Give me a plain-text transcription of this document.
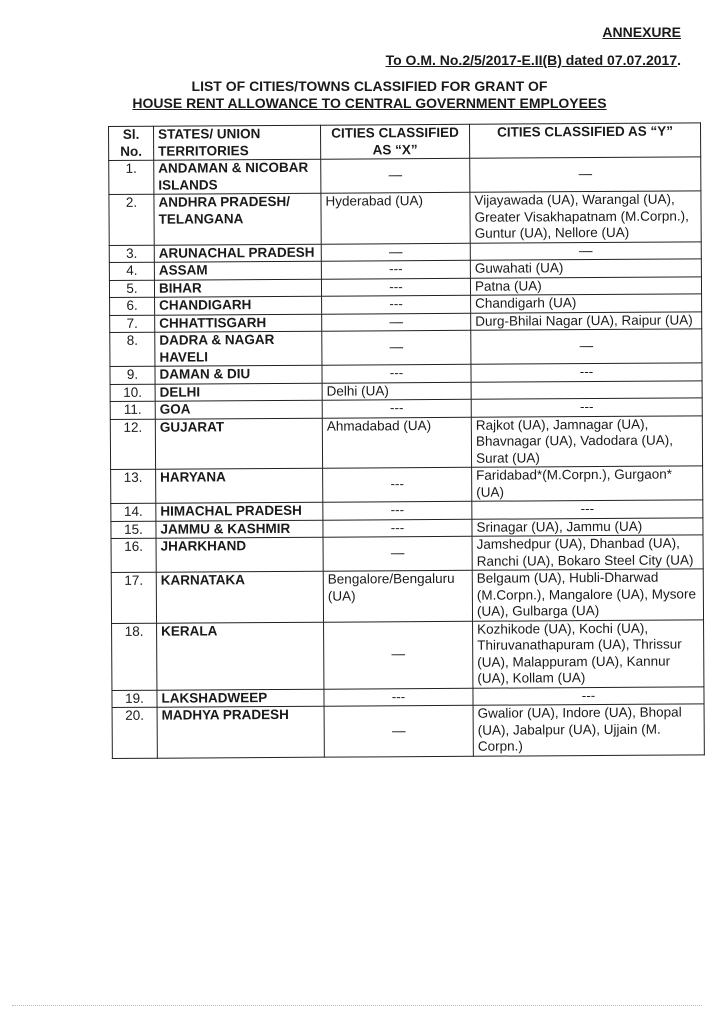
ANNEXURE
To O.M. No.2/5/2017-E.II(B) dated 07.07.2017.
LIST OF CITIES/TOWNS CLASSIFIED FOR GRANT OF
HOUSE RENT ALLOWANCE TO CENTRAL GOVERNMENT EMPLOYEES
Sl. No.	STATES/ UNION TERRITORIES	CITIES CLASSIFIED AS “X”	CITIES CLASSIFIED AS “Y”
1.	ANDAMAN & NICOBAR ISLANDS	—	—
2.	ANDHRA PRADESH/ TELANGANA	Hyderabad (UA)	Vijayawada (UA), Warangal (UA), Greater Visakhapatnam (M.Corpn.), Guntur (UA), Nellore (UA)
3.	ARUNACHAL PRADESH	—	—
4.	ASSAM	---	Guwahati (UA)
5.	BIHAR	---	Patna (UA)
6.	CHANDIGARH	---	Chandigarh (UA)
7.	CHHATTISGARH	—	Durg-Bhilai Nagar (UA), Raipur (UA)
8.	DADRA & NAGAR HAVELI	—	—
9.	DAMAN & DIU	---	---
10.	DELHI	Delhi (UA)	
11.	GOA	---	---
12.	GUJARAT	Ahmadabad (UA)	Rajkot (UA), Jamnagar (UA), Bhavnagar (UA), Vadodara (UA), Surat (UA)
13.	HARYANA	---	Faridabad*(M.Corpn.), Gurgaon*(UA)
14.	HIMACHAL PRADESH	---	---
15.	JAMMU & KASHMIR	---	Srinagar (UA), Jammu (UA)
16.	JHARKHAND	—	Jamshedpur (UA), Dhanbad (UA), Ranchi (UA), Bokaro Steel City (UA)
17.	KARNATAKA	Bengalore/Bengaluru (UA)	Belgaum (UA), Hubli-Dharwad (M.Corpn.), Mangalore (UA), Mysore (UA), Gulbarga (UA)
18.	KERALA	—	Kozhikode (UA), Kochi (UA), Thiruvanathapuram (UA), Thrissur (UA), Malappuram (UA), Kannur (UA), Kollam (UA)
19.	LAKSHADWEEP	---	---
20.	MADHYA PRADESH	—	Gwalior (UA), Indore (UA), Bhopal (UA), Jabalpur (UA), Ujjain (M. Corpn.)
